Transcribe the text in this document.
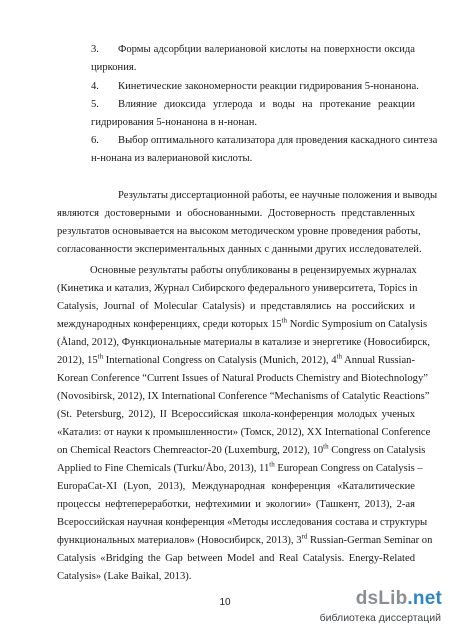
3. Формы адсорбции валериановой кислоты на поверхности оксида
циркония.
4. Кинетические закономерности реакции гидрирования 5-нонанона.
5. Влияние диоксида углерода и воды на протекание реакции
гидрирования 5-нонанона в н-нонан.
6. Выбор оптимального катализатора для проведения каскадного синтеза
н-нонана из валериановой кислоты.
Результаты диссертационной работы, ее научные положения и выводы
являются достоверными и обоснованными. Достоверность представленных
результатов основывается на высоком методическом уровне проведения работы,
согласованности экспериментальных данных с данными других исследователей.
Основные результаты работы опубликованы в рецензируемых журналах
(Кинетика и катализ, Журнал Сибирского федерального университета, Topics in
Catalysis, Journal of Molecular Catalysis) и представлялись на российских и
международных конференциях, среди которых 15th Nordic Symposium on Catalysis
(Åland, 2012), Функциональные материалы в катализе и энергетике (Новосибирск,
2012), 15th International Congress on Catalysis (Munich, 2012), 4th Annual Russian-
Korean Conference “Current Issues of Natural Products Chemistry and Biotechnology”
(Novosibirsk, 2012), IX International Conference “Mechanisms of Catalytic Reactions”
(St. Petersburg, 2012), II Всероссийская школа-конференция молодых ученых
«Катализ: от науки к промышленности» (Томск, 2012), XX International Conference
on Chemical Reactors Chemreactor-20 (Luxemburg, 2012), 10th Congress on Catalysis
Applied to Fine Chemicals (Turku/Åbo, 2013), 11th European Congress on Catalysis –
EuropaCat-XI (Lyon, 2013), Международная конференция «Каталитические
процессы нефтепереработки, нефтехимии и экологии» (Ташкент, 2013), 2-ая
Всероссийская научная конференция «Методы исследования состава и структуры
функциональных материалов» (Новосибирск, 2013), 3rd Russian-German Seminar on
Catalysis «Bridging the Gap between Model and Real Catalysis. Energy-Related
Catalysis» (Lake Baikal, 2013).
10	dsLib.net
библиотека диссертаций
